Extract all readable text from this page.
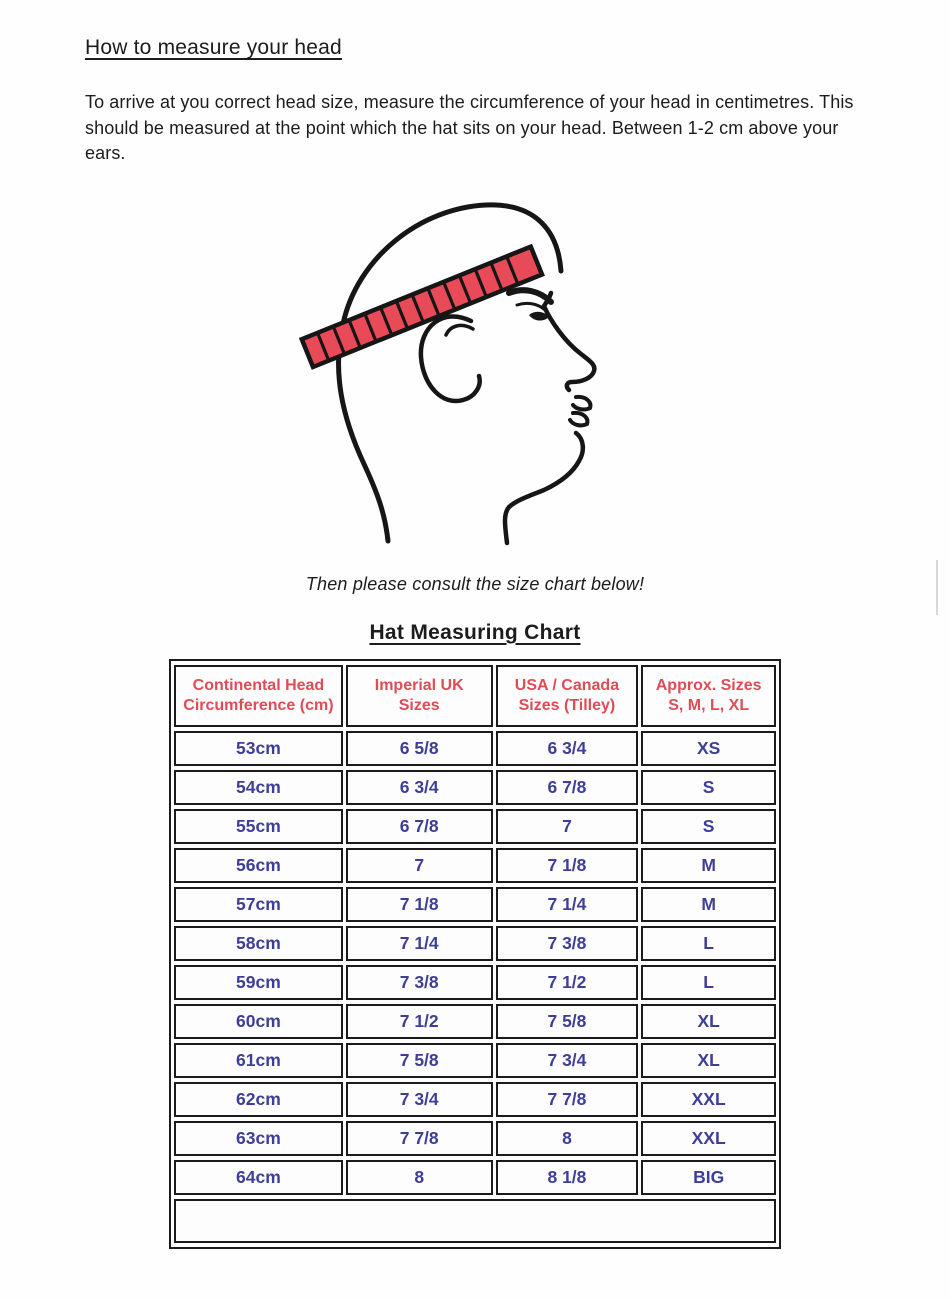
How to measure your head

To arrive at you correct head size, measure the circumference of your head in centimetres. This should be measured at the point which the hat sits on your head. Between 1-2 cm above your ears.

Then please consult the size chart below!
Hat Measuring Chart
Continental Head Circumference (cm)	Imperial UK Sizes	USA / Canada Sizes (Tilley)	Approx. Sizes S, M, L, XL
53cm	6 5/8	6 3/4	XS
54cm	6 3/4	6 7/8	S
55cm	6 7/8	7	S
56cm	7	7 1/8	M
57cm	7 1/8	7 1/4	M
58cm	7 1/4	7 3/8	L
59cm	7 3/8	7 1/2	L
60cm	7 1/2	7 5/8	XL
61cm	7 5/8	7 3/4	XL
62cm	7 3/4	7 7/8	XXL
63cm	7 7/8	8	XXL
64cm	8	8 1/8	BIG
